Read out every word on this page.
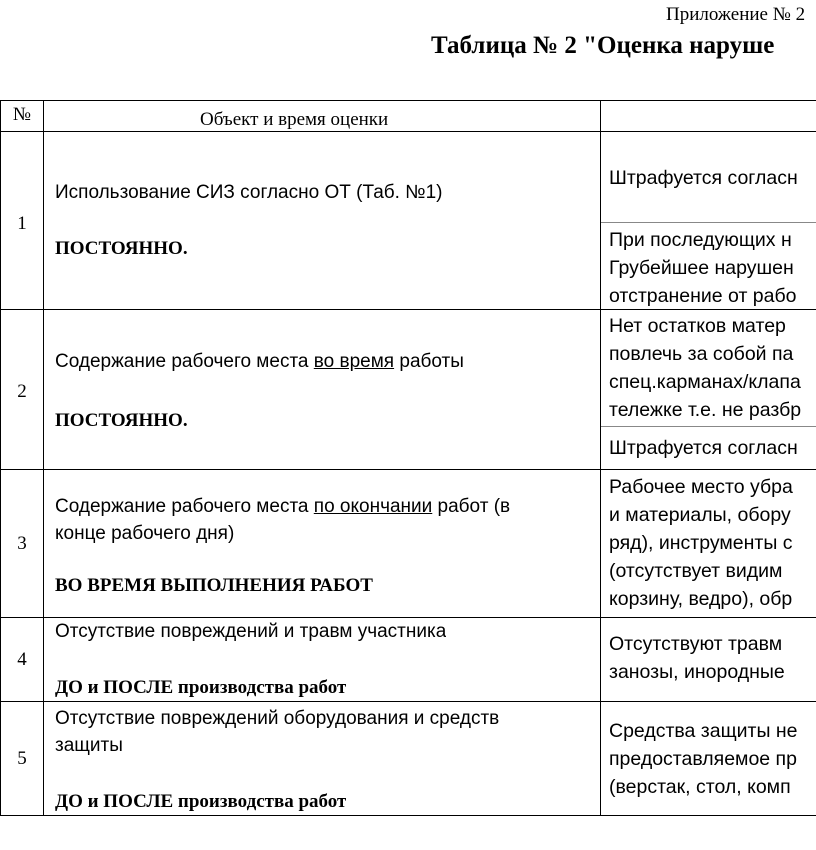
Приложение № 2
Таблица № 2 "Оценка наруше
№	Объект и время оценки
1
Использование СИЗ согласно ОТ (Таб. №1)
ПОСТОЯННО.
Штрафуется согласн
При последующих н
Грубейшее нарушен
отстранение от рабо
2
Содержание рабочего места во время работы
ПОСТОЯННО.
Нет остатков матер
повлечь за собой па
спец.карманах/клапа
тележке т.е. не разбр
Штрафуется согласн
3
Содержание рабочего места по окончании работ (в
конце рабочего дня)
ВО ВРЕМЯ ВЫПОЛНЕНИЯ РАБОТ
Рабочее место убра
и материалы, обору
ряд), инструменты с
(отсутствует видим
корзину, ведро), обр
4
Отсутствие повреждений и травм участника
ДО и ПОСЛЕ производства работ
Отсутствуют травм
занозы, инородные
5
Отсутствие повреждений оборудования и средств
защиты
ДО и ПОСЛЕ производства работ
Средства защиты не
предоставляемое пр
(верстак, стол, комп
